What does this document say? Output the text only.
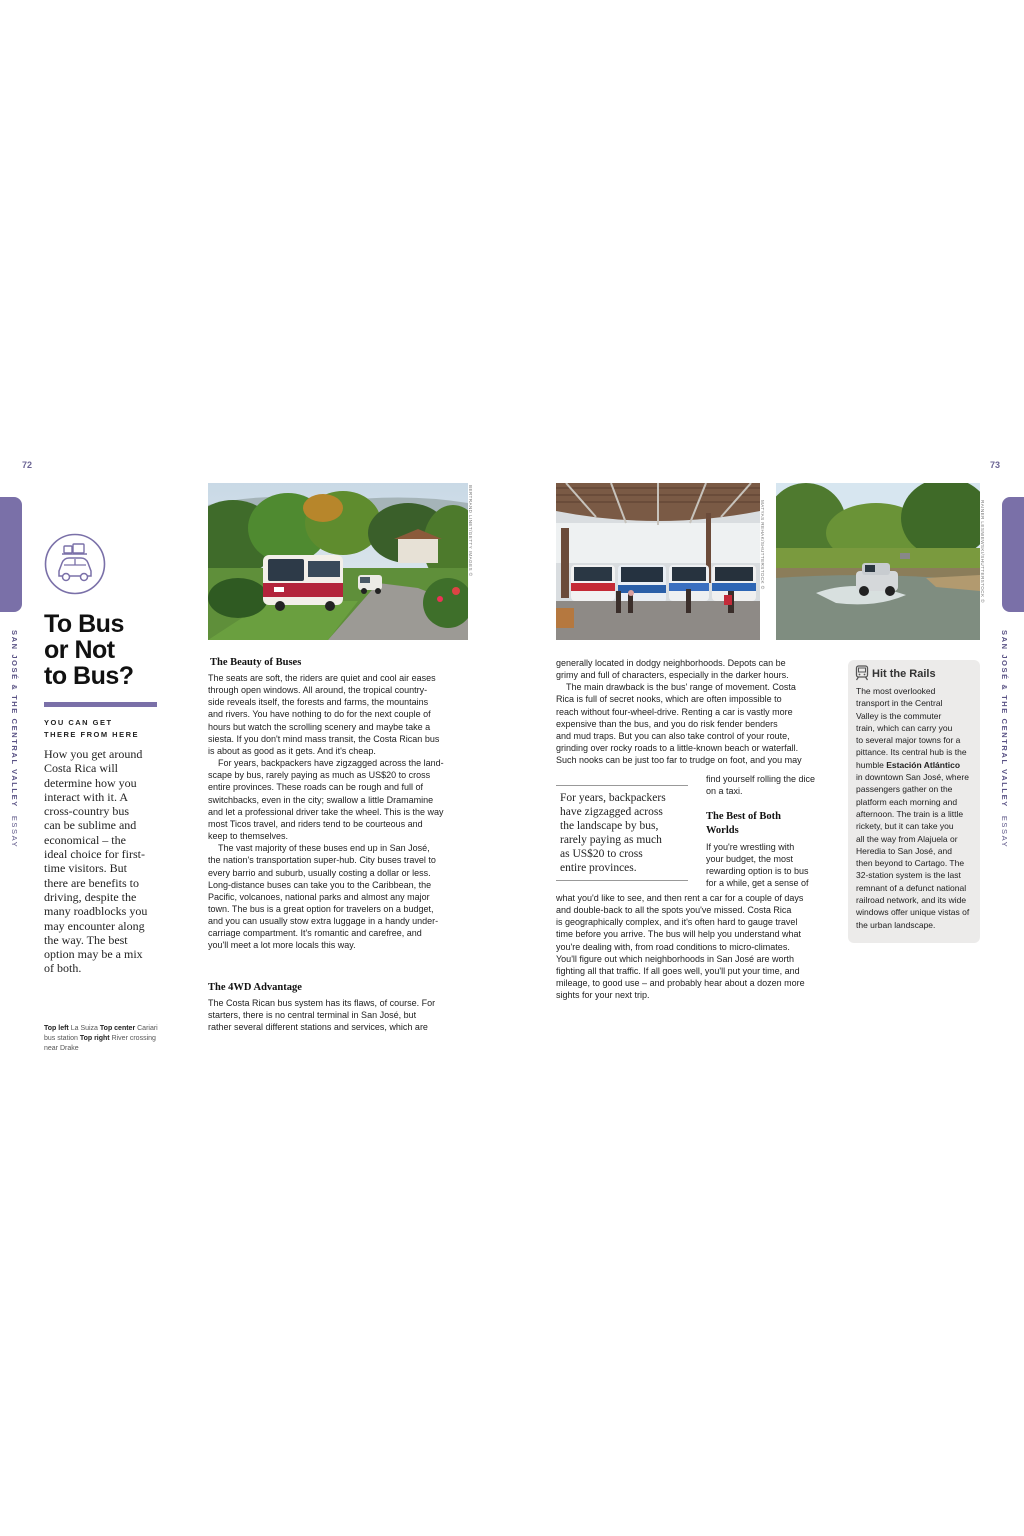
72	73
SAN JOSÉ & THE CENTRAL VALLEYESSAY
SAN JOSÉ & THE CENTRAL VALLEYESSAY
To Bus
or Not
to Bus?
YOU CAN GET
THERE FROM HERE
How you get around
Costa Rica will
determine how you
interact with it. A
cross-country bus
can be sublime and
economical – the
ideal choice for first-
time visitors. But
there are benefits to
driving, despite the
many roadblocks you
may encounter along
the way. The best
option may be a mix
of both.
Top left La Suiza Top center Cariari
bus station Top right River crossing
near Drake
BERTRAND LINET/GETTY IMAGES ©	MATYAS REHAK/SHUTTERSTOCK ©	RAINER LESNIEWSKI/SHUTTERSTOCK ©
The Beauty of Buses
The seats are soft, the riders are quiet and cool air eases
through open windows. All around, the tropical country-
side reveals itself, the forests and farms, the mountains
and rivers. You have nothing to do for the next couple of
hours but watch the scrolling scenery and maybe take a
siesta. If you don't mind mass transit, the Costa Rican bus
is about as good as it gets. And it's cheap.
For years, backpackers have zigzagged across the land-
scape by bus, rarely paying as much as US$20 to cross
entire provinces. These roads can be rough and full of
switchbacks, even in the city; swallow a little Dramamine
and let a professional driver take the wheel. This is the way
most Ticos travel, and riders tend to be courteous and
keep to themselves.
The vast majority of these buses end up in San José,
the nation's transportation super-hub. City buses travel to
every barrio and suburb, usually costing a dollar or less.
Long-distance buses can take you to the Caribbean, the
Pacific, volcanoes, national parks and almost any major
town. The bus is a great option for travelers on a budget,
and you can usually stow extra luggage in a handy under-
carriage compartment. It's romantic and carefree, and
you'll meet a lot more locals this way.
The 4WD Advantage
The Costa Rican bus system has its flaws, of course. For
starters, there is no central terminal in San José, but
rather several different stations and services, which are
generally located in dodgy neighborhoods. Depots can be
grimy and full of characters, especially in the darker hours.
The main drawback is the bus' range of movement. Costa
Rica is full of secret nooks, which are often impossible to
reach without four-wheel-drive. Renting a car is vastly more
expensive than the bus, and you do risk fender benders
and mud traps. But you can also take control of your route,
grinding over rocky roads to a little-known beach or waterfall.
Such nooks can be just too far to trudge on foot, and you may
find yourself rolling the dice
on a taxi.
For years, backpackers
have zigzagged across
the landscape by bus,
rarely paying as much
as US$20 to cross
entire provinces.
The Best of Both
Worlds
If you're wrestling with
your budget, the most
rewarding option is to bus
for a while, get a sense of
what you'd like to see, and then rent a car for a couple of days
and double-back to all the spots you've missed. Costa Rica
is geographically complex, and it's often hard to gauge travel
time before you arrive. The bus will help you understand what
you're dealing with, from road conditions to micro-climates.
You'll figure out which neighborhoods in San José are worth
fighting all that traffic. If all goes well, you'll put your time, and
mileage, to good use – and probably hear about a dozen more
sights for your next trip.
Hit the Rails
The most overlooked
transport in the Central
Valley is the commuter
train, which can carry you
to several major towns for a
pittance. Its central hub is the
humble Estación Atlántico
in downtown San José, where
passengers gather on the
platform each morning and
afternoon. The train is a little
rickety, but it can take you
all the way from Alajuela or
Heredia to San José, and
then beyond to Cartago. The
32-station system is the last
remnant of a defunct national
railroad network, and its wide
windows offer unique vistas of
the urban landscape.
